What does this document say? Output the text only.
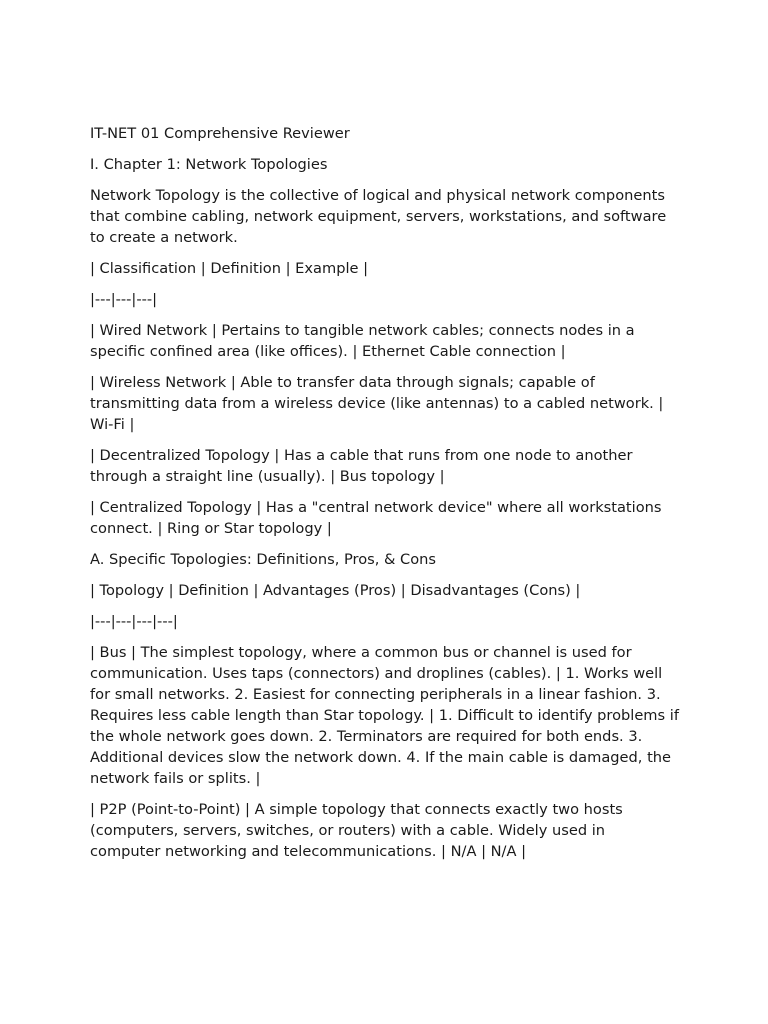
IT-NET 01 Comprehensive Reviewer

I. Chapter 1: Network Topologies

Network Topology is the collective of logical and physical network components that combine cabling, network equipment, servers, workstations, and software to create a network.

| Classification | Definition | Example |

|---|---|---|

| Wired Network | Pertains to tangible network cables; connects nodes in a specific confined area (like offices). | Ethernet Cable connection |

| Wireless Network | Able to transfer data through signals; capable of transmitting data from a wireless device (like antennas) to a cabled network. | Wi-Fi |

| Decentralized Topology | Has a cable that runs from one node to another through a straight line (usually). | Bus topology |

| Centralized Topology | Has a "central network device" where all workstations connect. | Ring or Star topology |

A. Specific Topologies: Definitions, Pros, & Cons

| Topology | Definition | Advantages (Pros) | Disadvantages (Cons) |

|---|---|---|---|

| Bus | The simplest topology, where a common bus or channel is used for communication. Uses taps (connectors) and droplines (cables). | 1. Works well for small networks. 2. Easiest for connecting peripherals in a linear fashion. 3. Requires less cable length than Star topology. | 1. Difficult to identify problems if the whole network goes down. 2. Terminators are required for both ends. 3. Additional devices slow the network down. 4. If the main cable is damaged, the network fails or splits. |

| P2P (Point-to-Point) | A simple topology that connects exactly two hosts (computers, servers, switches, or routers) with a cable. Widely used in computer networking and telecommunications. | N/A | N/A |
